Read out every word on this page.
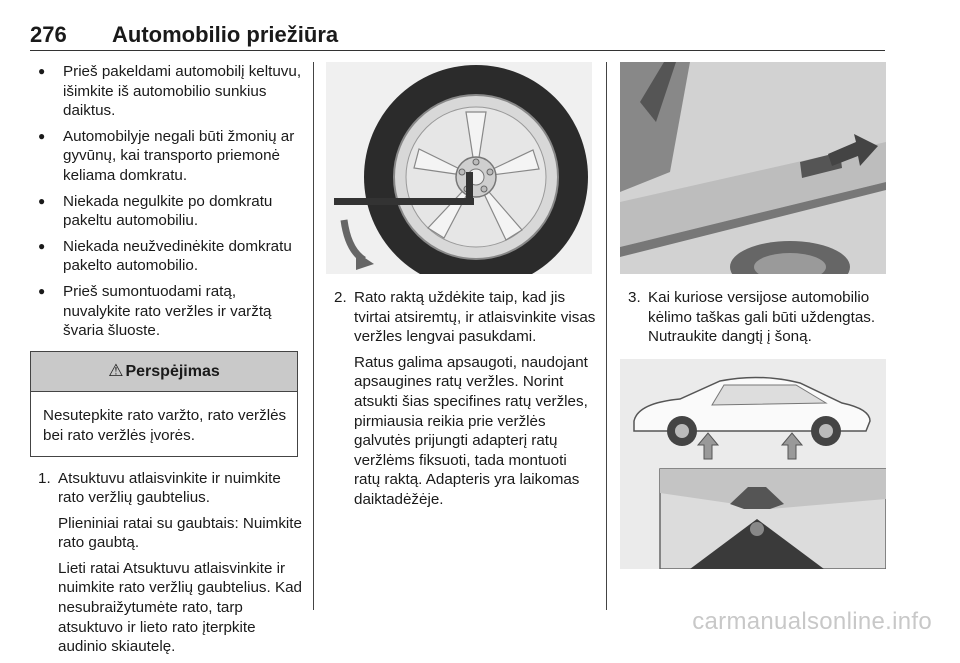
276 Automobilio priežiūra
● Prieš pakeldami automobilį keltuvu, išimkite iš automobilio sunkius daiktus.
● Automobilyje negali būti žmonių ar gyvūnų, kai transporto priemonė keliama domkratu.
● Niekada negulkite po domkratu pakeltu automobiliu.
● Niekada neužvedinėkite domkratu pakelto automobilio.
● Prieš sumontuodami ratą, nuvalykite rato veržles ir varžtą švaria šluoste.
⚠ Perspėjimas
Nesutepkite rato varžto, rato veržlės bei rato veržlės įvorės.
1. Atsuktuvu atlaisvinkite ir nuimkite rato veržlių gaubtelius.

Plieniniai ratai su gaubtais: Nuimkite rato gaubtą.

Lieti ratai Atsuktuvu atlaisvinkite ir nuimkite rato veržlių gaubtelius. Kad nesubraižytumėte rato, tarp atsuktuvo ir lieto rato įterpkite audinio skiautelę.

2. Rato raktą uždėkite taip, kad jis tvirtai atsiremtų, ir atlaisvinkite visas veržles lengvai pasukdami.

Ratus galima apsaugoti, naudojant apsaugines ratų veržles. Norint atsukti šias specifines ratų veržles, pirmiausia reikia prie veržlės galvutės prijungti adapterį ratų veržlėms fiksuoti, tada montuoti ratų raktą. Adapteris yra laikomas daiktadėžėje.

3. Kai kuriose versijose automobilio kėlimo taškas gali būti uždengtas. Nutraukite dangtį į šoną.

carmanualsonline.info
